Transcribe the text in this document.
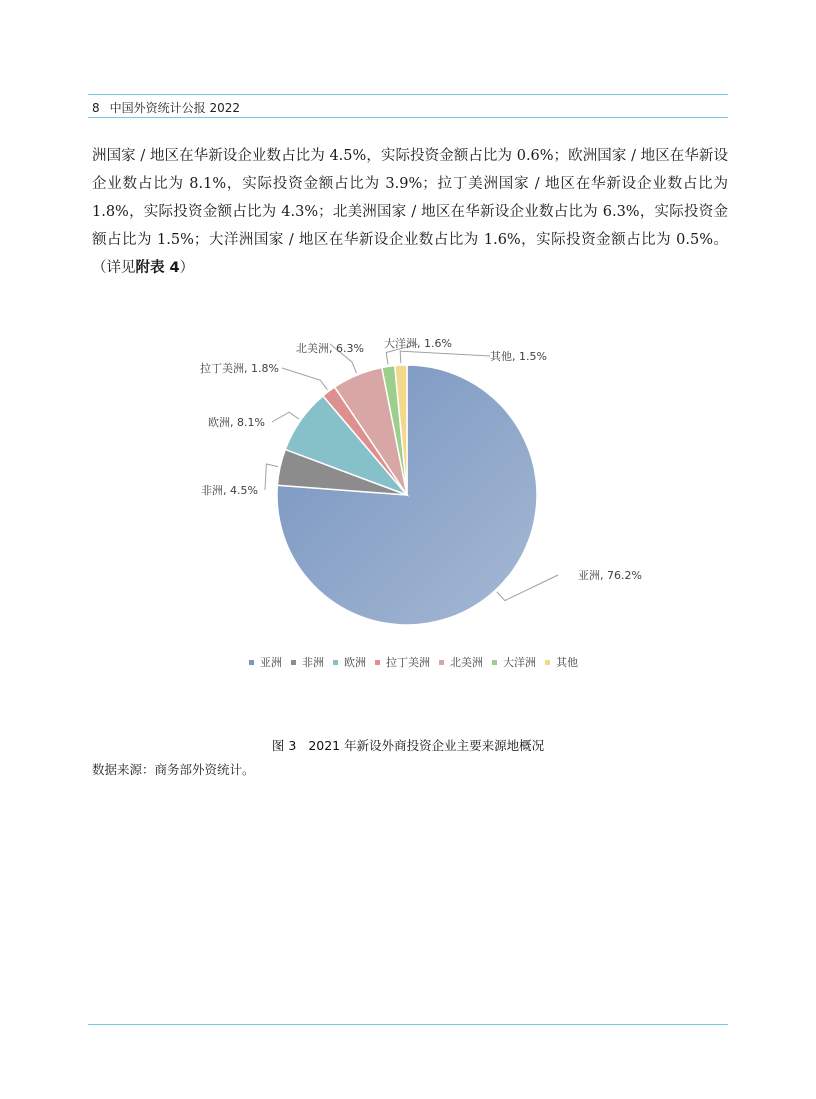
8 中国外资统计公报 2022
洲国家 / 地区在华新设企业数占比为 4.5%，实际投资金额占比为 0.6%；欧洲国家 / 地区在华新设企业数占比为 8.1%，实际投资金额占比为 3.9%；拉丁美洲国家 / 地区在华新设企业数占比为 1.8%，实际投资金额占比为 4.3%；北美洲国家 / 地区在华新设企业数占比为 6.3%，实际投资金额占比为 1.5%；大洋洲国家 / 地区在华新设企业数占比为 1.6%，实际投资金额占比为 0.5%。（详见附表 4）
亚洲, 76.2%
非洲, 4.5%
欧洲, 8.1%
拉丁美洲, 1.8%
北美洲, 6.3% 大洋洲, 1.6%
其他, 1.5%
亚洲 非洲 欧洲 拉丁美洲 北美洲 大洋洲 其他
图 3 2021 年新设外商投资企业主要来源地概况
数据来源：商务部外资统计。
